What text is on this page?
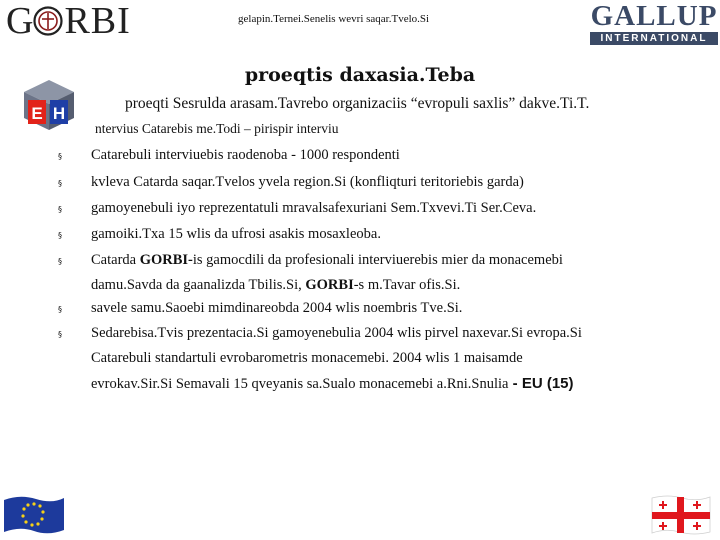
G RBI	gelapin.Ternei.Senelis wevri saqar.Tvelo.Si	GALLUP
INTERNATIONAL
proeqtis daxasia.Teba
E H
proeqti Sesrulda arasam.Tavrebo organizaciis “evropuli saxlis” dakve.Ti.T.
ntervius Catarebis me.Todi – pirispir interviu
§	Catarebuli interviuebis raodenoba - 1000 respondenti
§	kvleva Catarda saqar.Tvelos yvela region.Si (konfliqturi teritoriebis garda)
§	gamoyenebuli iyo reprezentatuli mravalsafexuriani Sem.Txvevi.Ti Ser.Ceva.
§	gamoiki.Txa 15 wlis da ufrosi asakis mosaxleoba.
§	Catarda GORBI-is gamocdili da profesionali interviuerebis mier da monacemebi
damu.Savda da gaanalizda Tbilis.Si, GORBI-s m.Tavar ofis.Si.
§	savele samu.Saoebi mimdinareobda 2004 wlis noembris Tve.Si.
§	Sedarebisa.Tvis prezentacia.Si gamoyenebulia 2004 wlis pirvel naxevar.Si evropa.Si
Catarebuli standartuli evrobarometris monacemebi. 2004 wlis 1 maisamde
evrokav.Sir.Si Semavali 15 qveyanis sa.Sualo monacemebi a.Rni.Snulia - EU (15)
